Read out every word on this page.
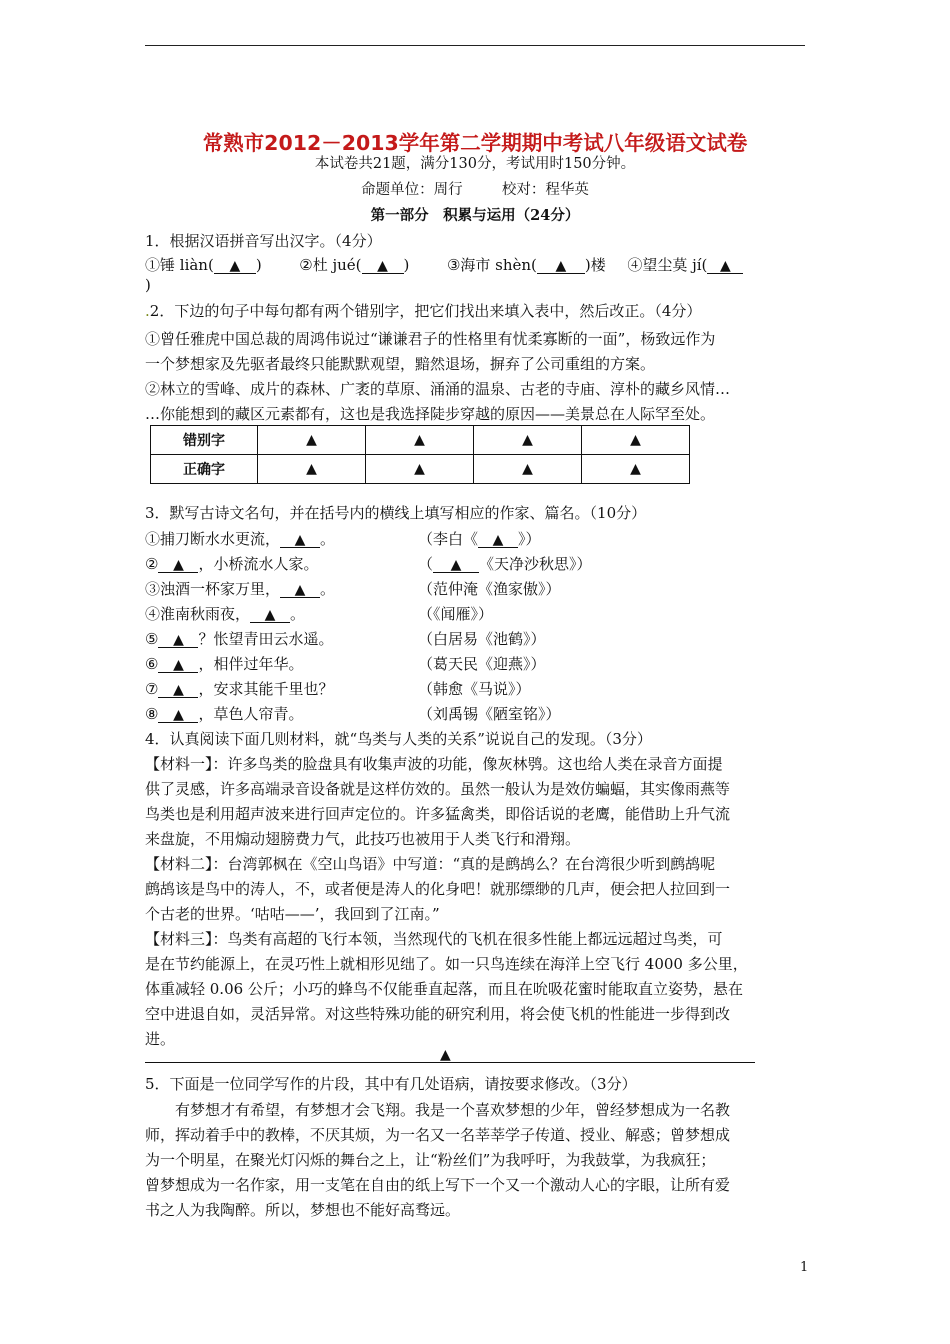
常熟市2012－2013学年第二学期期中考试八年级语文试卷
本试卷共21题，满分130分，考试用时150分钟。
命题单位：周行	校对：程华英
第一部分　积累与运用（24分）
1．根据汉语拼音写出汉字。（4分）
①锤 liàn( ▲ )	②杜 jué( ▲ )	③海市 shèn( ▲ )楼 ④望尘莫 jí( ▲
)
.2．下边的句子中每句都有两个错别字，把它们找出来填入表中，然后改正。（4分）
①曾任雅虎中国总裁的周鸿伟说过“谦谦君子的性格里有忧柔寡断的一面”，杨致远作为
一个梦想家及先驱者最终只能默默观望，黯然退场，摒弃了公司重组的方案。
②林立的雪峰、成片的森林、广袤的草原、涌涌的温泉、古老的寺庙、淳朴的藏乡风情…
…你能想到的藏区元素都有，这也是我选择陡步穿越的原因——美景总在人际罕至处。
错别字	▲	▲	▲	▲
正确字	▲	▲	▲	▲
3．默写古诗文名句，并在括号内的横线上填写相应的作家、篇名。（10分）
①捕刀断水水更流， ▲ 。	（李白《 ▲ 》）
② ▲ ，小桥流水人家。	（ ▲ 《天净沙秋思》）
③浊酒一杯家万里， ▲ 。	（范仲淹《渔家傲》）
④淮南秋雨夜， ▲ 。	（《闻雁》）
⑤ ▲ ？怅望青田云水遥。	（白居易《池鹤》）
⑥ ▲ ，相伴过年华。	（葛天民《迎燕》）
⑦ ▲ ，安求其能千里也？	（韩愈《马说》）
⑧ ▲ ，草色人帘青。	（刘禹锡《陋室铭》）
4．认真阅读下面几则材料，就“鸟类与人类的关系”说说自己的发现。（3分）
【材料一】：许多鸟类的脸盘具有收集声波的功能，像灰林鸮。这也给人类在录音方面提
供了灵感，许多高端录音设备就是这样仿效的。虽然一般认为是效仿蝙蝠，其实像雨燕等
鸟类也是利用超声波来进行回声定位的。许多猛禽类，即俗话说的老鹰，能借助上升气流
来盘旋，不用煽动翅膀费力气，此技巧也被用于人类飞行和滑翔。
【材料二】：台湾郭枫在《空山鸟语》中写道：“真的是鹧鸪么？在台湾很少听到鹧鸪呢
鹧鸪该是鸟中的涛人，不，或者便是涛人的化身吧！就那缥缈的几声，便会把人拉回到一
个古老的世界。‘咕咕——’，我回到了江南。”
【材料三】：鸟类有高超的飞行本领，当然现代的飞机在很多性能上都远远超过鸟类，可
是在节约能源上，在灵巧性上就相形见绌了。如一只鸟连续在海洋上空飞行 4000 多公里，
体重减轻 0.06 公斤；小巧的蜂鸟不仅能垂直起落，而且在吮吸花蜜时能取直立姿势，悬在
空中进退自如，灵活异常。对这些特殊功能的研究利用，将会使飞机的性能进一步得到改
进。
▲
5．下面是一位同学写作的片段，其中有几处语病，请按要求修改。（3分）
有梦想才有希望，有梦想才会飞翔。我是一个喜欢梦想的少年，曾经梦想成为一名教
师，挥动着手中的教棒，不厌其烦，为一名又一名莘莘学子传道、授业、解惑；曾梦想成
为一个明星，在聚光灯闪烁的舞台之上，让“粉丝们”为我呼吁，为我鼓掌，为我疯狂；
曾梦想成为一名作家，用一支笔在自由的纸上写下一个又一个激动人心的字眼，让所有爱
书之人为我陶醉。所以，梦想也不能好高骛远。
1
